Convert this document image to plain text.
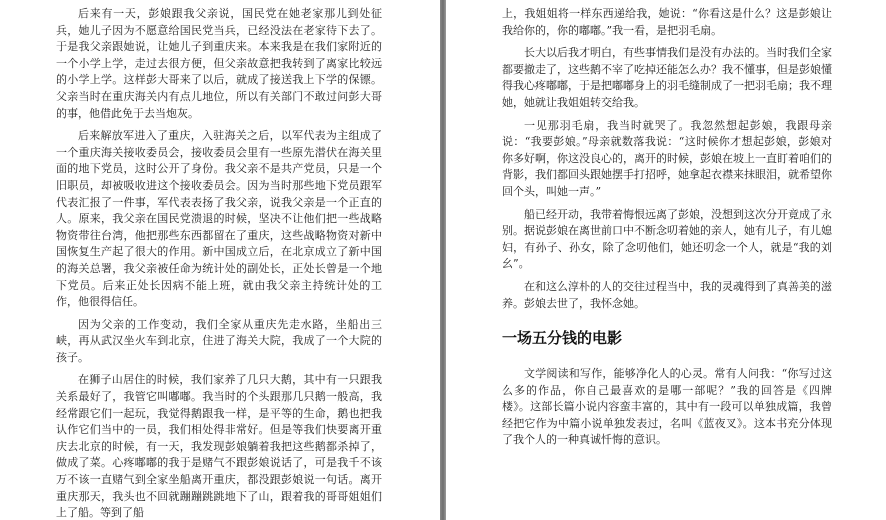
后来有一天，彭娘跟我父亲说，国民党在她老家那儿到处征兵，她儿子因为不愿意给国民党当兵，已经没法在老家待下去了。于是我父亲跟她说，让她儿子到重庆来。本来我是在我们家附近的一个小学上学，走过去很方便，但父亲故意把我转到了离家比较远的小学上学。这样彭大哥来了以后，就成了接送我上下学的保镖。父亲当时在重庆海关内有点儿地位，所以有关部门不敢过问彭大哥的事，他借此免于去当炮灰。

后来解放军进入了重庆，入驻海关之后，以军代表为主组成了一个重庆海关接收委员会，接收委员会里有一些原先潜伏在海关里面的地下党员，这时公开了身份。我父亲不是共产党员，只是一个旧职员，却被吸收进这个接收委员会。因为当时那些地下党员跟军代表汇报了一件事，军代表表扬了我父亲，说我父亲是一个正直的人。原来，我父亲在国民党溃退的时候，坚决不让他们把一些战略物资带往台湾，他把那些东西都留在了重庆，这些战略物资对新中国恢复生产起了很大的作用。新中国成立后，在北京成立了新中国的海关总署，我父亲被任命为统计处的副处长，正处长曾是一个地下党员。后来正处长因病不能上班，就由我父亲主持统计处的工作，他很得信任。

因为父亲的工作变动，我们全家从重庆先走水路，坐船出三峡，再从武汉坐火车到北京，住进了海关大院，我成了一个大院的孩子。

在狮子山居住的时候，我们家养了几只大鹅，其中有一只跟我关系最好了，我管它叫嘟嘟。我当时的个头跟那几只鹅一般高，我经常跟它们一起玩，我觉得鹅跟我一样，是平等的生命，鹅也把我认作它们当中的一员，我们相处得非常好。但是等我们快要离开重庆去北京的时候，有一天，我发现彭娘躺着我把这些鹅都杀掉了，做成了菜。心疼嘟嘟的我于是赌气不跟彭娘说话了，可是我千不该万不该一直赌气到全家坐船离开重庆，都没跟彭娘说一句话。离开重庆那天，我头也不回就蹦蹦跳跳地下了山，跟着我的哥哥姐姐们上了船。等到了船

上，我姐姐将一样东西递给我，她说：“你看这是什么？这是彭娘让我给你的，你的嘟嘟。”我一看，是把羽毛扇。

长大以后我才明白，有些事情我们是没有办法的。当时我们全家都要撤走了，这些鹅不宰了吃掉还能怎么办？我不懂事，但是彭娘懂得我心疼嘟嘟，于是把嘟嘟身上的羽毛缝制成了一把羽毛扇；我不理她，她就让我姐姐转交给我。

一见那羽毛扇，我当时就哭了。我忽然想起彭娘，我跟母亲说：“我要彭娘。”母亲就数落我说：“这时候你才想起彭娘，彭娘对你多好啊，你这没良心的，离开的时候，彭娘在坡上一直盯着咱们的背影，我们都回头跟她摆手打招呼，她拿起衣襟来抹眼泪，就希望你回个头，叫她一声。”

船已经开动，我带着悔恨远离了彭娘，没想到这次分开竟成了永别。据说彭娘在离世前口中不断念叨着她的亲人，她有儿子，有儿媳妇，有孙子、孙女，除了念叨他们，她还叨念一个人，就是“我的刘幺”。

在和这么淳朴的人的交往过程当中，我的灵魂得到了真善美的滋养。彭娘去世了，我怀念她。

一场五分钱的电影

文学阅读和写作，能够净化人的心灵。常有人问我：“你写过这么多的作品，你自己最喜欢的是哪一部呢？”我的回答是《四牌楼》。这部长篇小说内容蛮丰富的，其中有一段可以单独成篇，我曾经把它作为中篇小说单独发表过，名叫《蓝夜叉》。这本书充分体现了我个人的一种真诚忏悔的意识。
